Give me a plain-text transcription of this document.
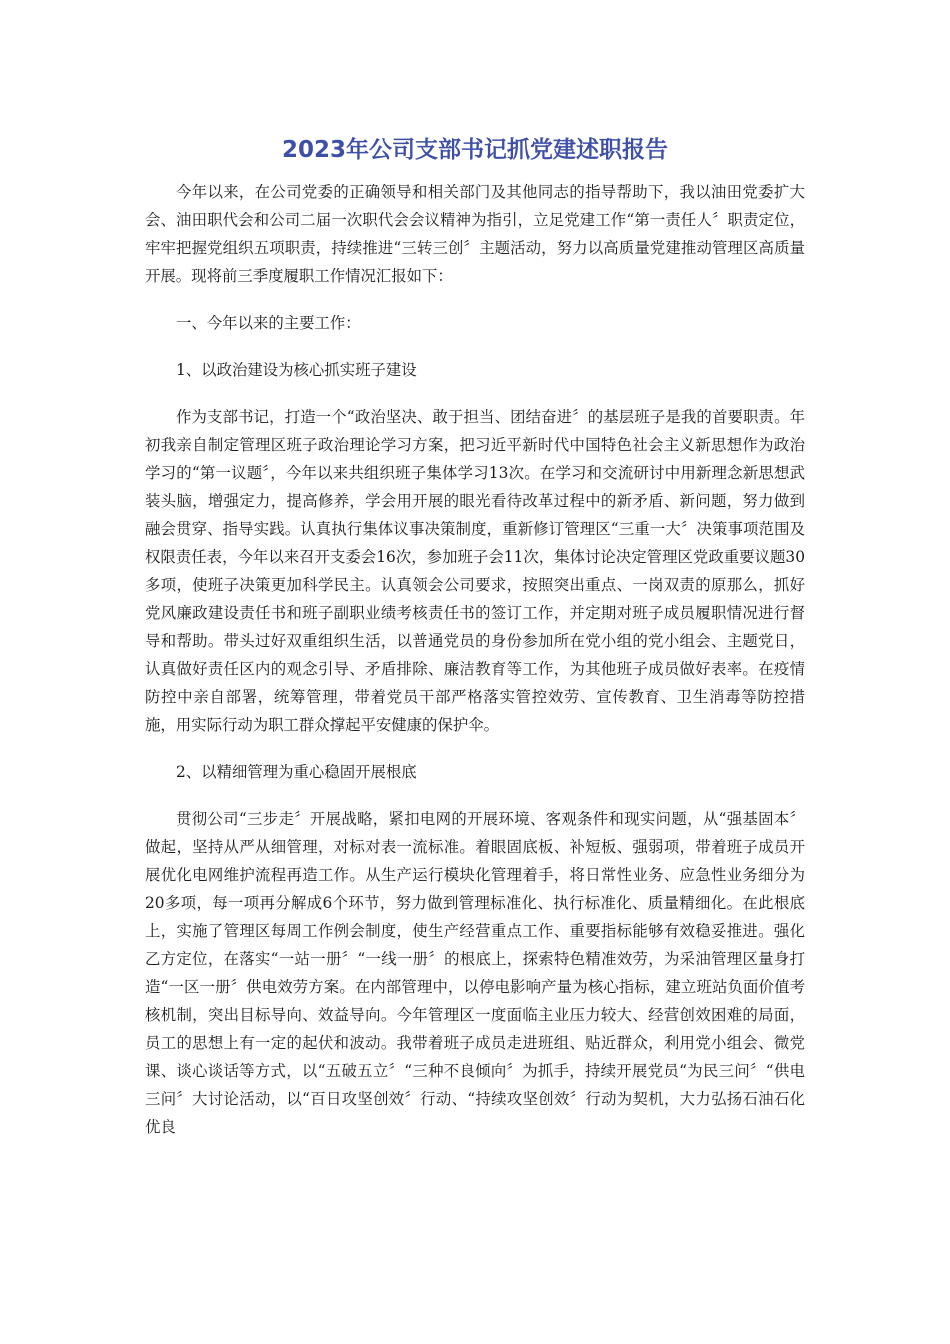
2023年公司支部书记抓党建述职报告

今年以来，在公司党委的正确领导和相关部门及其他同志的指导帮助下，我以油田党委扩大会、油田职代会和公司二届一次职代会会议精神为指引，立足党建工作“第一责任人〞职责定位，牢牢把握党组织五项职责，持续推进“三转三创〞主题活动，努力以高质量党建推动管理区高质量开展。现将前三季度履职工作情况汇报如下：

一、今年以来的主要工作：

1、以政治建设为核心抓实班子建设

作为支部书记，打造一个“政治坚决、敢于担当、团结奋进〞的基层班子是我的首要职责。年初我亲自制定管理区班子政治理论学习方案，把习近平新时代中国特色社会主义新思想作为政治学习的“第一议题〞，今年以来共组织班子集体学习13次。在学习和交流研讨中用新理念新思想武装头脑，增强定力，提高修养，学会用开展的眼光看待改革过程中的新矛盾、新问题，努力做到融会贯穿、指导实践。认真执行集体议事决策制度，重新修订管理区“三重一大〞决策事项范围及权限责任表，今年以来召开支委会16次，参加班子会11次，集体讨论决定管理区党政重要议题30多项，使班子决策更加科学民主。认真领会公司要求，按照突出重点、一岗双责的原那么，抓好党风廉政建设责任书和班子副职业绩考核责任书的签订工作，并定期对班子成员履职情况进行督导和帮助。带头过好双重组织生活，以普通党员的身份参加所在党小组的党小组会、主题党日，认真做好责任区内的观念引导、矛盾排除、廉洁教育等工作，为其他班子成员做好表率。在疫情防控中亲自部署，统筹管理，带着党员干部严格落实管控效劳、宣传教育、卫生消毒等防控措施，用实际行动为职工群众撑起平安健康的保护伞。

2、以精细管理为重心稳固开展根底

贯彻公司“三步走〞开展战略，紧扣电网的开展环境、客观条件和现实问题，从“强基固本〞做起，坚持从严从细管理，对标对表一流标准。着眼固底板、补短板、强弱项，带着班子成员开展优化电网维护流程再造工作。从生产运行模块化管理着手，将日常性业务、应急性业务细分为20多项，每一项再分解成6个环节，努力做到管理标准化、执行标准化、质量精细化。在此根底上，实施了管理区每周工作例会制度，使生产经营重点工作、重要指标能够有效稳妥推进。强化乙方定位，在落实“一站一册〞“一线一册〞的根底上，探索特色精准效劳，为采油管理区量身打造“一区一册〞供电效劳方案。在内部管理中，以停电影响产量为核心指标，建立班站负面价值考核机制，突出目标导向、效益导向。今年管理区一度面临主业压力较大、经营创效困难的局面，员工的思想上有一定的起伏和波动。我带着班子成员走进班组、贴近群众，利用党小组会、微党课、谈心谈话等方式，以“五破五立〞“三种不良倾向〞为抓手，持续开展党员“为民三问〞“供电三问〞大讨论活动，以“百日攻坚创效〞行动、“持续攻坚创效〞行动为契机，大力弘扬石油石化优良
